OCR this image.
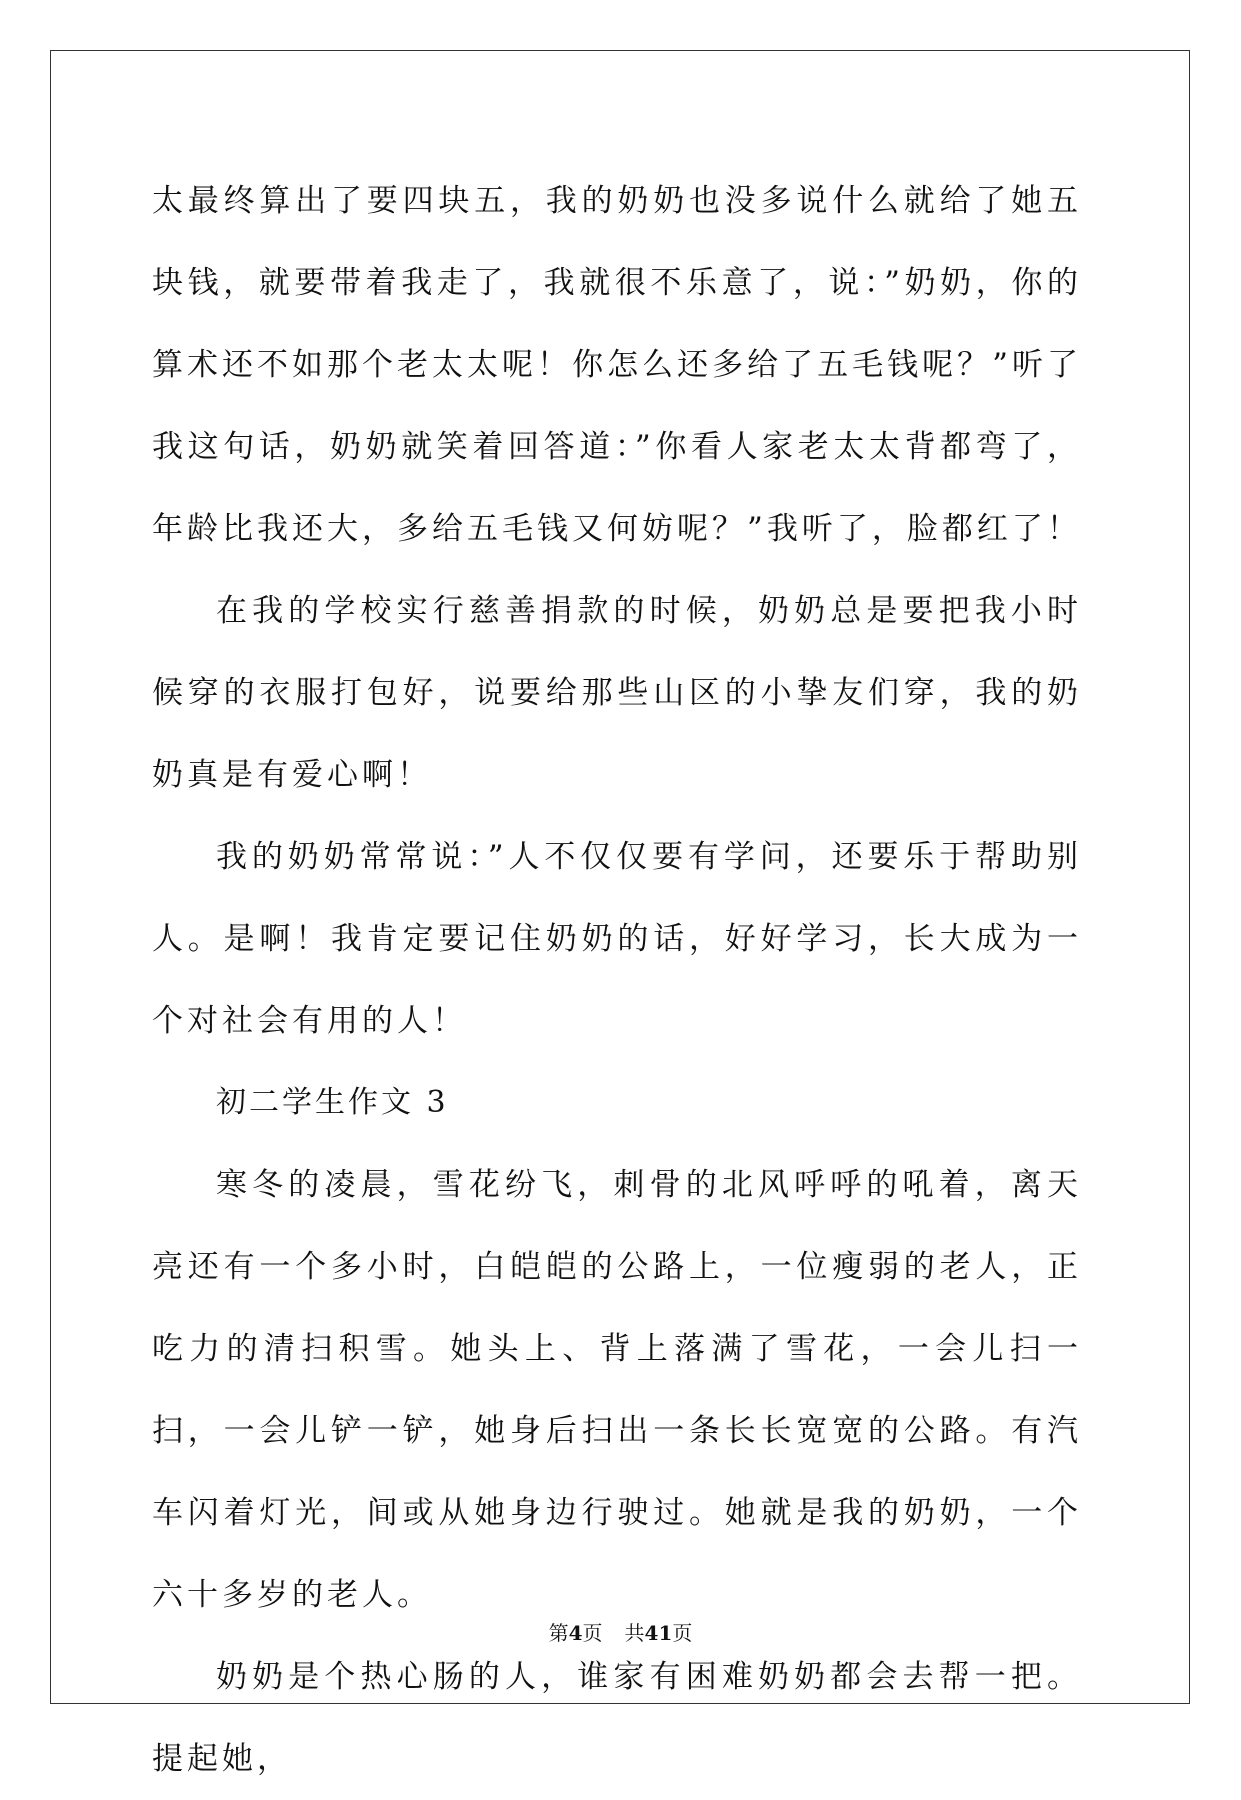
太最终算出了要四块五，我的奶奶也没多说什么就给了她五块钱，就要带着我走了，我就很不乐意了，说：”奶奶，你的算术还不如那个老太太呢！你怎么还多给了五毛钱呢？”听了我这句话，奶奶就笑着回答道：”你看人家老太太背都弯了，年龄比我还大，多给五毛钱又何妨呢？”我听了，脸都红了！

在我的学校实行慈善捐款的时候，奶奶总是要把我小时候穿的衣服打包好，说要给那些山区的小挚友们穿，我的奶奶真是有爱心啊！

我的奶奶常常说：”人不仅仅要有学问，还要乐于帮助别人。是啊！我肯定要记住奶奶的话，好好学习，长大成为一个对社会有用的人！

初二学生作文 3

寒冬的凌晨，雪花纷飞，刺骨的北风呼呼的吼着，离天亮还有一个多小时，白皑皑的公路上，一位瘦弱的老人，正吃力的清扫积雪。她头上、背上落满了雪花，一会儿扫一扫，一会儿铲一铲，她身后扫出一条长长宽宽的公路。有汽车闪着灯光，间或从她身边行驶过。她就是我的奶奶，一个六十多岁的老人。

奶奶是个热心肠的人，谁家有困难奶奶都会去帮一把。提起她，

第4页 共41页
